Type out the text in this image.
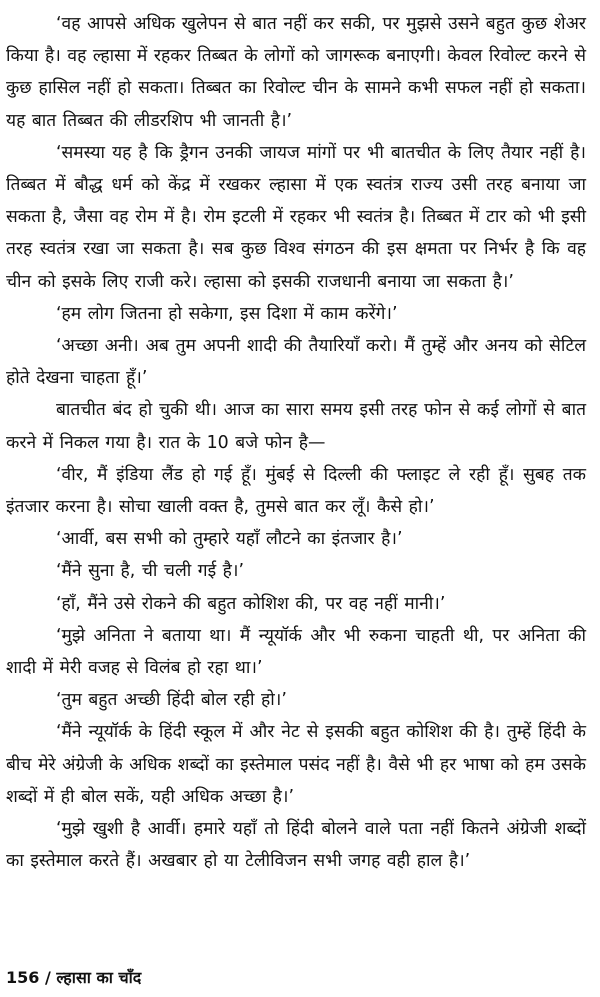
‘वह आपसे अधिक खुलेपन से बात नहीं कर सकी, पर मुझसे उसने बहुत कुछ शेअर किया है। वह ल्हासा में रहकर तिब्बत के लोगों को जागरूक बनाएगी। केवल रिवोल्ट करने से कुछ हासिल नहीं हो सकता। तिब्बत का रिवोल्ट चीन के सामने कभी सफल नहीं हो सकता। यह बात तिब्बत की लीडरशिप भी जानती है।’

‘समस्या यह है कि ड्रैगन उनकी जायज मांगों पर भी बातचीत के लिए तैयार नहीं है। तिब्बत में बौद्ध धर्म को केंद्र में रखकर ल्हासा में एक स्वतंत्र राज्य उसी तरह बनाया जा सकता है, जैसा वह रोम में है। रोम इटली में रहकर भी स्वतंत्र है। तिब्बत में टार को भी इसी तरह स्वतंत्र रखा जा सकता है। सब कुछ विश्व संगठन की इस क्षमता पर निर्भर है कि वह चीन को इसके लिए राजी करे। ल्हासा को इसकी राजधानी बनाया जा सकता है।’

‘हम लोग जितना हो सकेगा, इस दिशा में काम करेंगे।’

‘अच्छा अनी। अब तुम अपनी शादी की तैयारियाँ करो। मैं तुम्हें और अनय को सेटिल होते देखना चाहता हूँ।’

बातचीत बंद हो चुकी थी। आज का सारा समय इसी तरह फोन से कई लोगों से बात करने में निकल गया है। रात के 10 बजे फोन है—

‘वीर, मैं इंडिया लैंड हो गई हूँ। मुंबई से दिल्ली की फ्लाइट ले रही हूँ। सुबह तक इंतजार करना है। सोचा खाली वक्त है, तुमसे बात कर लूँ। कैसे हो।’

‘आर्वी, बस सभी को तुम्हारे यहाँ लौटने का इंतजार है।’

‘मैंने सुना है, ची चली गई है।’

‘हाँ, मैंने उसे रोकने की बहुत कोशिश की, पर वह नहीं मानी।’

‘मुझे अनिता ने बताया था। मैं न्यूयॉर्क और भी रुकना चाहती थी, पर अनिता की शादी में मेरी वजह से विलंब हो रहा था।’

‘तुम बहुत अच्छी हिंदी बोल रही हो।’

‘मैंने न्यूयॉर्क के हिंदी स्कूल में और नेट से इसकी बहुत कोशिश की है। तुम्हें हिंदी के बीच मेरे अंग्रेजी के अधिक शब्दों का इस्तेमाल पसंद नहीं है। वैसे भी हर भाषा को हम उसके शब्दों में ही बोल सकें, यही अधिक अच्छा है।’

‘मुझे खुशी है आर्वी। हमारे यहाँ तो हिंदी बोलने वाले पता नहीं कितने अंग्रेजी शब्दों का इस्तेमाल करते हैं। अखबार हो या टेलीविजन सभी जगह वही हाल है।’

156 / ल्हासा का चाँद
